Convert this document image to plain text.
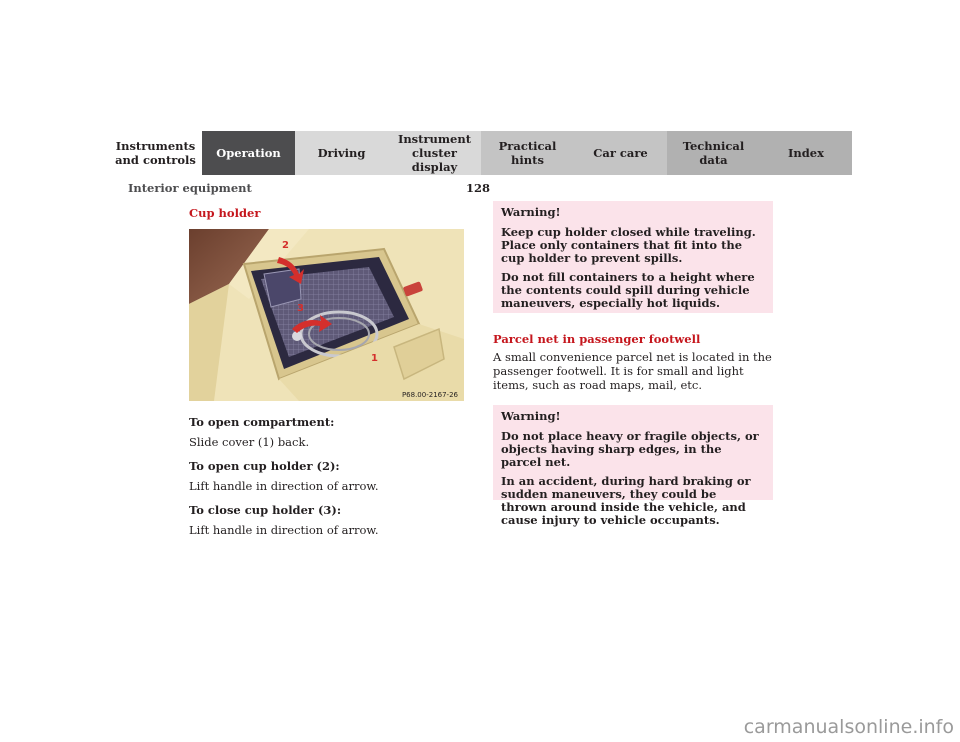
Instruments
and controls Operation	Driving
Instrument
cluster display
Practical hints	Car care	Technical
data	Index
Interior equipment	128
Cup holder
2
3
1
P68.00-2167-26

To open compartment:

Slide cover (1) back.

To open cup holder (2):

Lift handle in direction of arrow.

To close cup holder (3):

Lift handle in direction of arrow.

Warning!

Keep cup holder closed while traveling. Place only containers that fit into the cup holder to prevent spills.

Do not fill containers to a height where the contents could spill during vehicle maneuvers, especially hot liquids.

Parcel net in passenger footwell

A small convenience parcel net is located in the passenger footwell. It is for small and light items, such as road maps, mail, etc.

Warning!

Do not place heavy or fragile objects, or objects having sharp edges, in the parcel net.

In an accident, during hard braking or sudden maneuvers, they could be thrown around inside the vehicle, and cause injury to vehicle occupants.

carmanualsonline.info
